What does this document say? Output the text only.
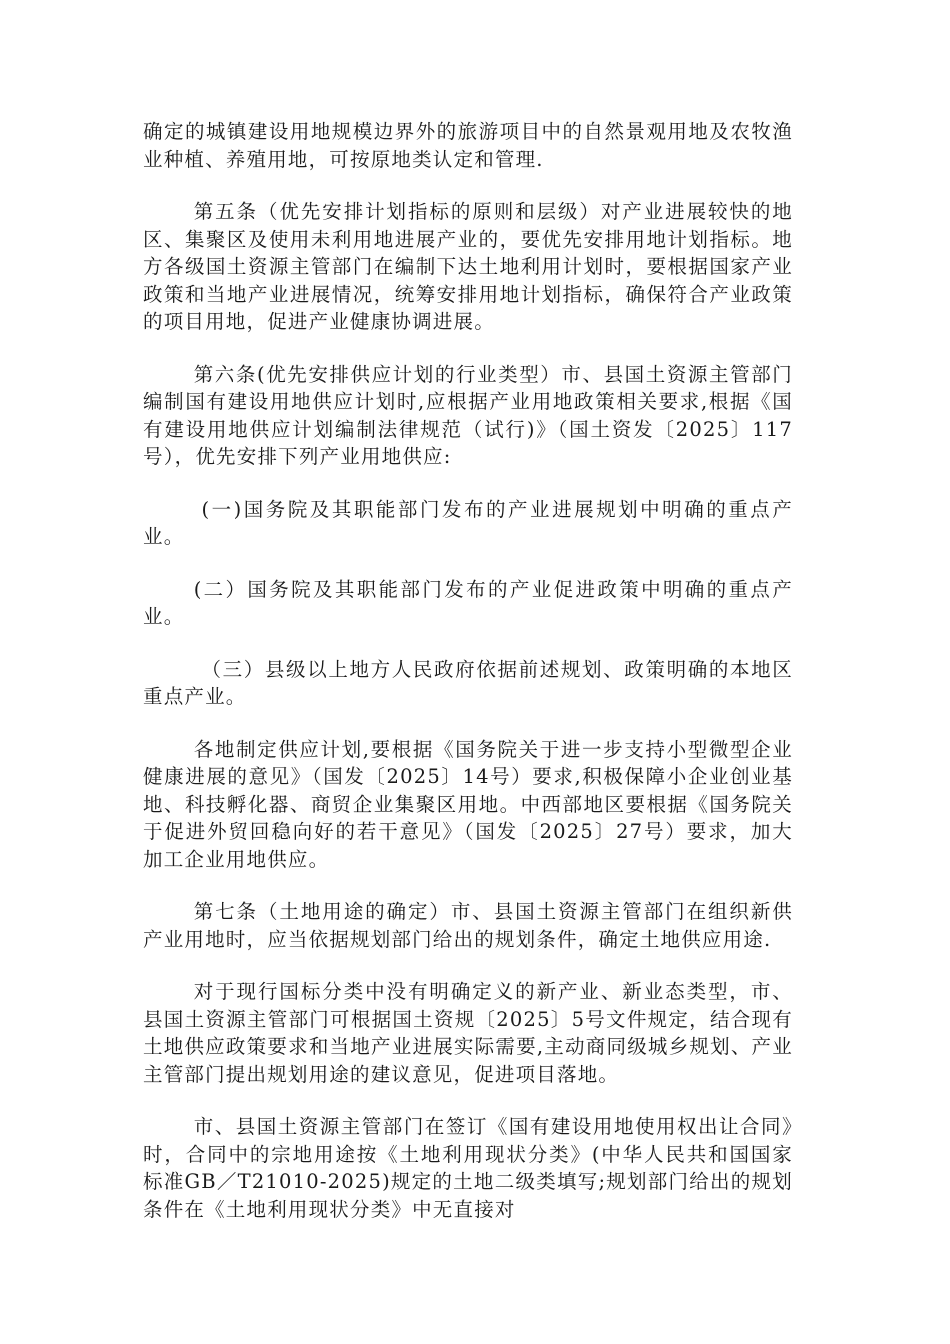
确定的城镇建设用地规模边界外的旅游项目中的自然景观用地及农牧渔业种植、养殖用地，可按原地类认定和管理.

第五条（优先安排计划指标的原则和层级）对产业进展较快的地区、集聚区及使用未利用地进展产业的，要优先安排用地计划指标。地方各级国土资源主管部门在编制下达土地利用计划时，要根据国家产业政策和当地产业进展情况，统筹安排用地计划指标，确保符合产业政策的项目用地，促进产业健康协调进展。

第六条(优先安排供应计划的行业类型）市、县国土资源主管部门编制国有建设用地供应计划时,应根据产业用地政策相关要求,根据《国有建设用地供应计划编制法律规范（试行)》（国土资发〔2025〕117号），优先安排下列产业用地供应:

(一)国务院及其职能部门发布的产业进展规划中明确的重点产业。

(二）国务院及其职能部门发布的产业促进政策中明确的重点产业。

（三）县级以上地方人民政府依据前述规划、政策明确的本地区重点产业。

各地制定供应计划,要根据《国务院关于进一步支持小型微型企业健康进展的意见》（国发〔2025〕14号）要求,积极保障小企业创业基地、科技孵化器、商贸企业集聚区用地。中西部地区要根据《国务院关于促进外贸回稳向好的若干意见》（国发〔2025〕27号）要求，加大加工企业用地供应。

第七条（土地用途的确定）市、县国土资源主管部门在组织新供产业用地时，应当依据规划部门给出的规划条件，确定土地供应用途.

对于现行国标分类中没有明确定义的新产业、新业态类型，市、县国土资源主管部门可根据国土资规〔2025〕5号文件规定，结合现有土地供应政策要求和当地产业进展实际需要,主动商同级城乡规划、产业主管部门提出规划用途的建议意见，促进项目落地。

市、县国土资源主管部门在签订《国有建设用地使用权出让合同》时，合同中的宗地用途按《土地利用现状分类》(中华人民共和国国家标准GB／T21010-2025)规定的土地二级类填写;规划部门给出的规划条件在《土地利用现状分类》中无直接对
